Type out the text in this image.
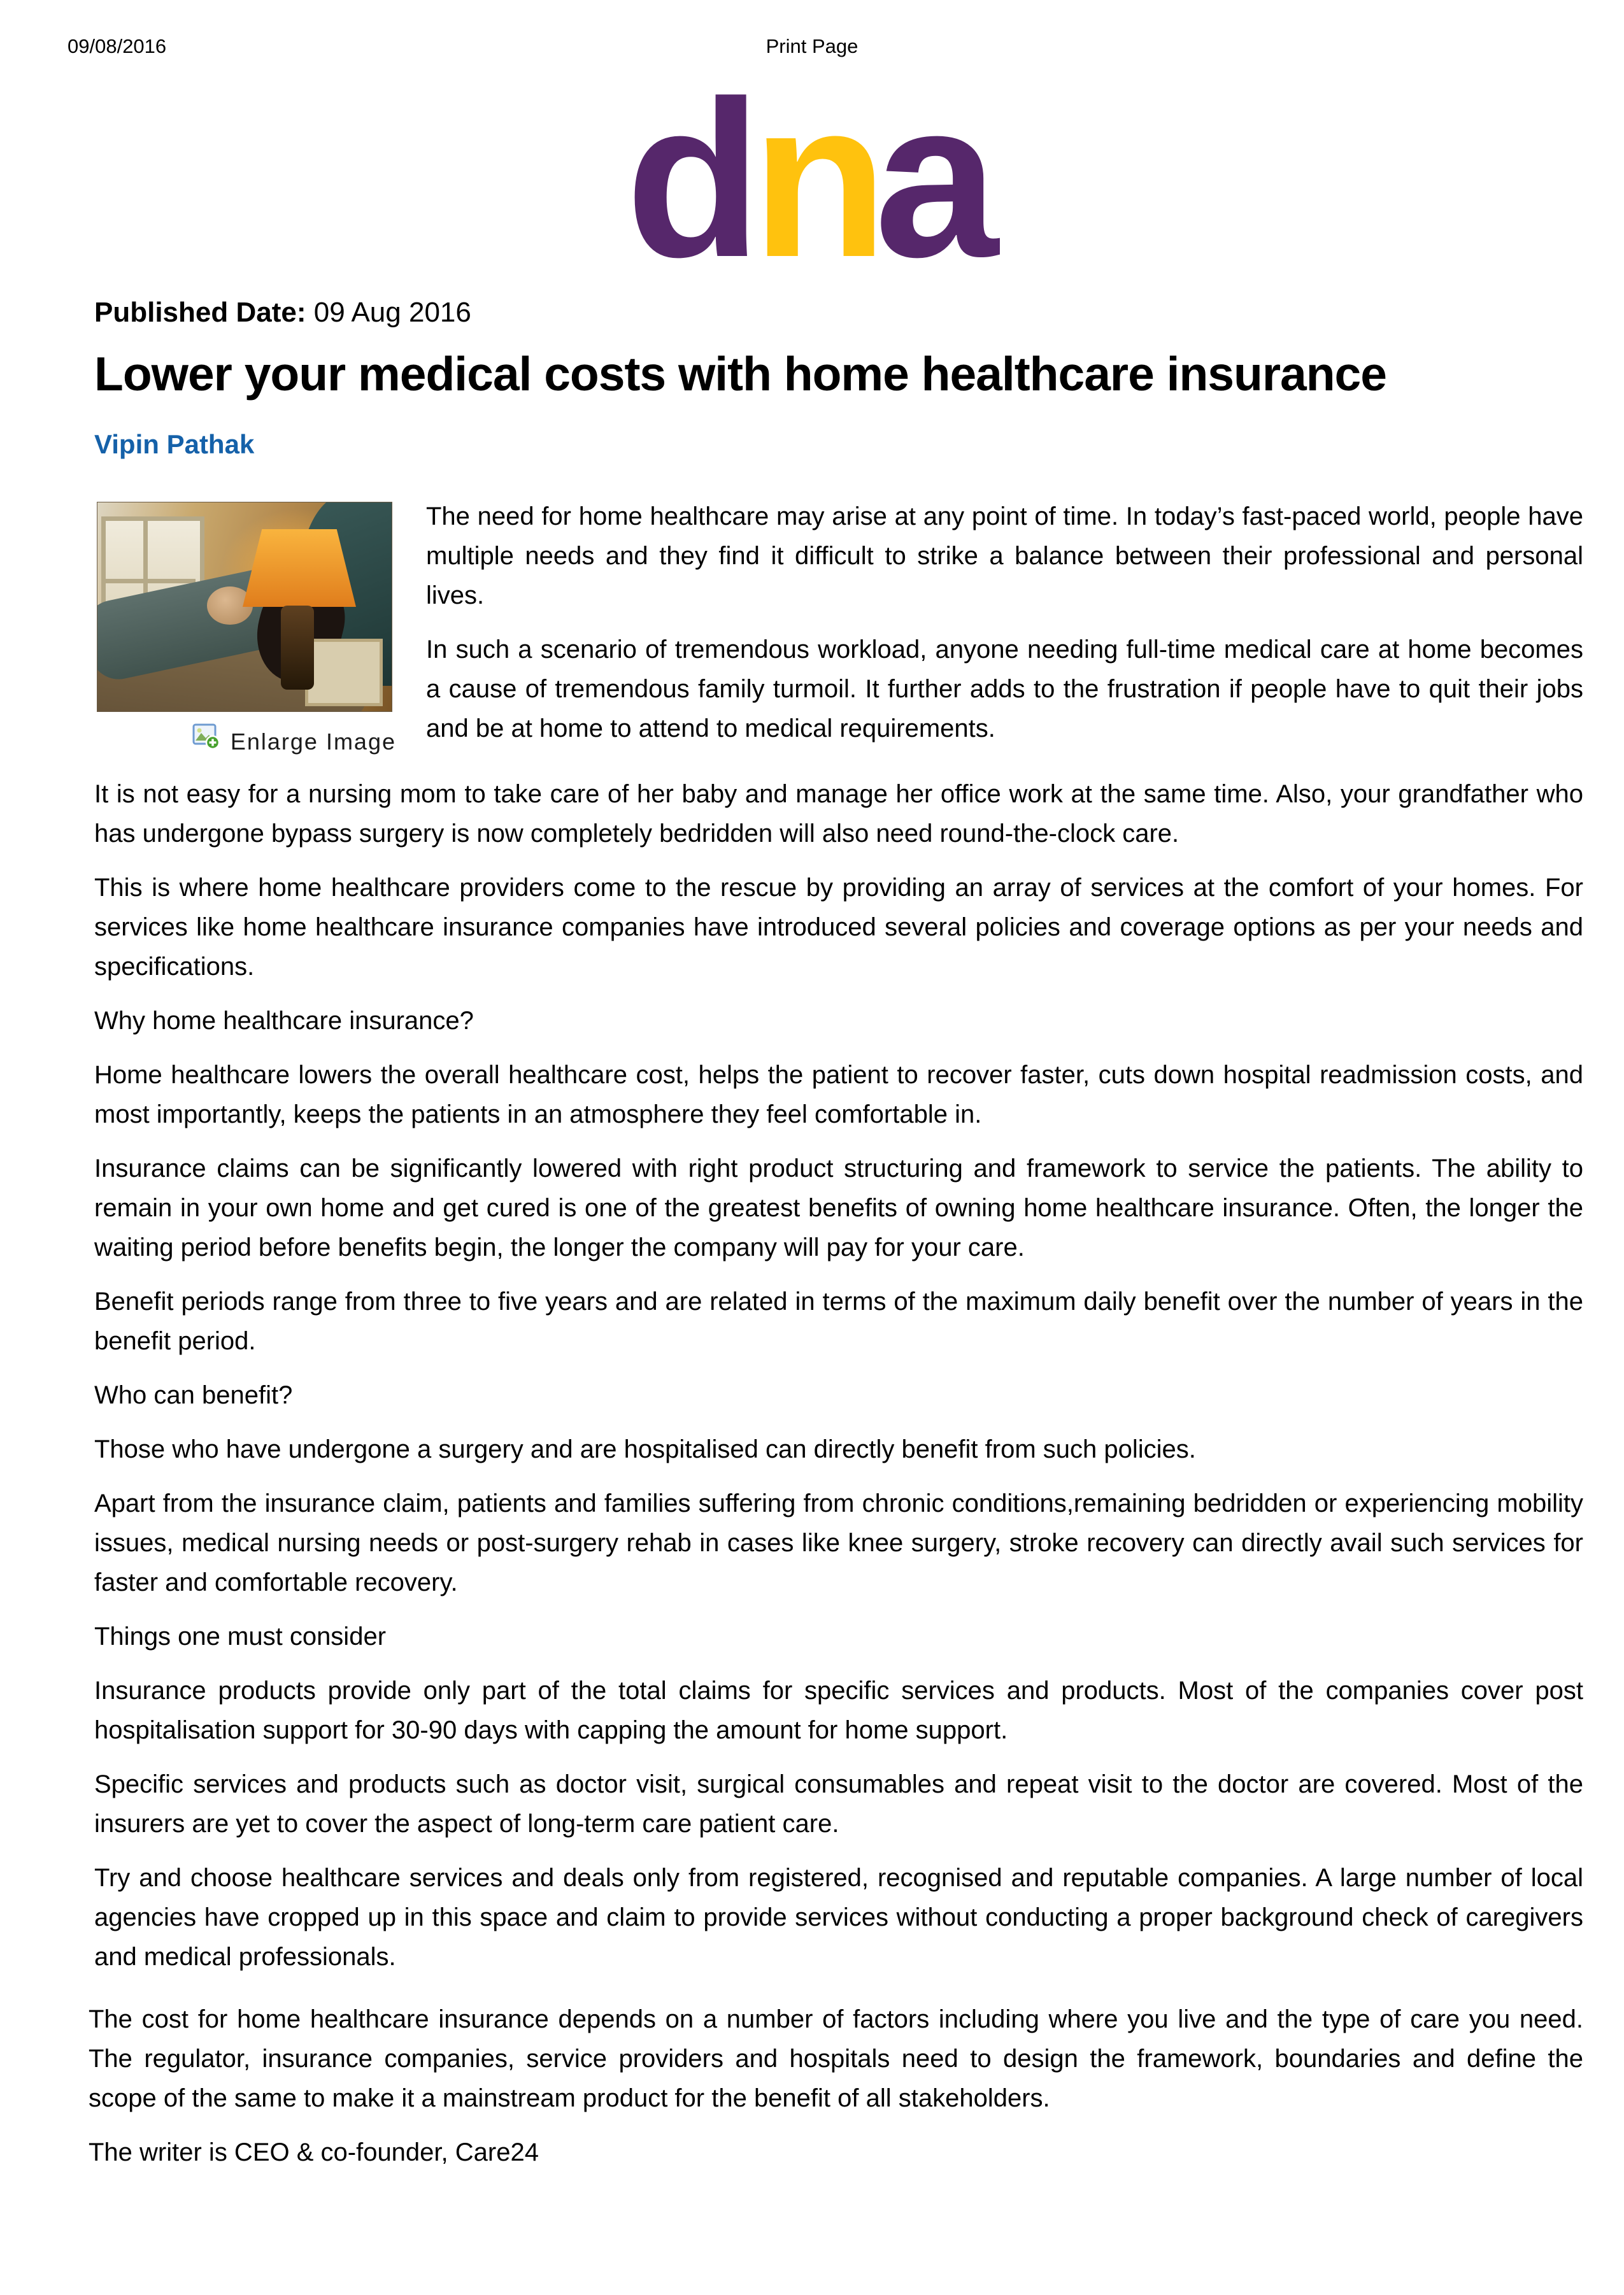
09/08/2016	Print Page
dna
Published Date: 09 Aug 2016
Lower your medical costs with home healthcare insurance
Vipin Pathak
Enlarge Image

The need for home healthcare may arise at any point of time. In today’s fast-paced world, people have multiple needs and they find it difficult to strike a balance between their professional and personal lives.

In such a scenario of tremendous workload, anyone needing full-time medical care at home becomes a cause of tremendous family turmoil. It further adds to the frustration if people have to quit their jobs and be at home to attend to medical requirements.

It is not easy for a nursing mom to take care of her baby and manage her office work at the same time. Also, your grandfather who has undergone bypass surgery is now completely bedridden will also need round-the-clock care.

This is where home healthcare providers come to the rescue by providing an array of services at the comfort of your homes. For services like home healthcare insurance companies have introduced several policies and coverage options as per your needs and specifications.

Why home healthcare insurance?

Home healthcare lowers the overall healthcare cost, helps the patient to recover faster, cuts down hospital readmission costs, and most importantly, keeps the patients in an atmosphere they feel comfortable in.

Insurance claims can be significantly lowered with right product structuring and framework to service the patients. The ability to remain in your own home and get cured is one of the greatest benefits of owning home healthcare insurance. Often, the longer the waiting period before benefits begin, the longer the company will pay for your care.

Benefit periods range from three to five years and are related in terms of the maximum daily benefit over the number of years in the benefit period.

Who can benefit?

Those who have undergone a surgery and are hospitalised can directly benefit from such policies.

Apart from the insurance claim, patients and families suffering from chronic conditions,remaining bedridden or experiencing mobility issues, medical nursing needs or post-surgery rehab in cases like knee surgery, stroke recovery can directly avail such services for faster and comfortable recovery.

Things one must consider

Insurance products provide only part of the total claims for specific services and products. Most of the companies cover post hospitalisation support for 30-90 days with capping the amount for home support.

Specific services and products such as doctor visit, surgical consumables and repeat visit to the doctor are covered. Most of the insurers are yet to cover the aspect of long-term care patient care.

Try and choose healthcare services and deals only from registered, recognised and reputable companies. A large number of local agencies have cropped up in this space and claim to provide services without conducting a proper background check of caregivers and medical professionals.

The cost for home healthcare insurance depends on a number of factors including where you live and the type of care you need. The regulator, insurance companies, service providers and hospitals need to design the framework, boundaries and define the scope of the same to make it a mainstream product for the benefit of all stakeholders.

The writer is CEO & co-founder, Care24
